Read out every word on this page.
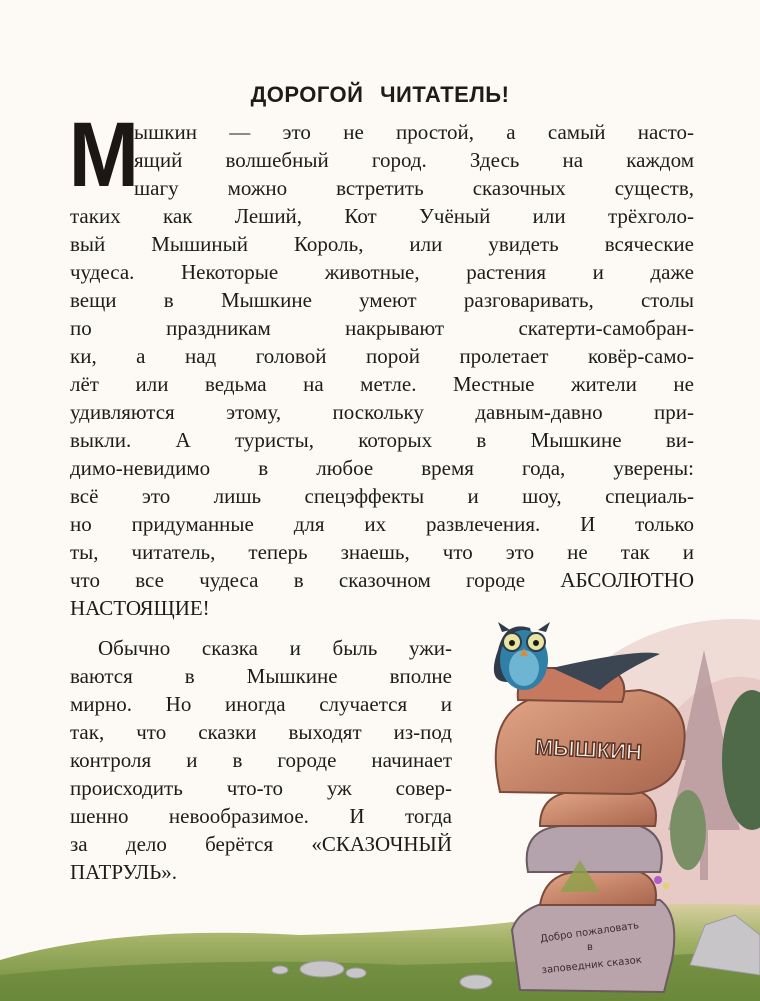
МЫШКИН
Добро пожаловать
в
заповедник сказок
ДОРОГОЙ ЧИТАТЕЛЬ!
М
ышкин — это не простой, а самый насто-
ящий волшебный город. Здесь на каждом
шагу можно встретить сказочных существ,
таких как Леший, Кот Учёный или трёхголо-
вый Мышиный Король, или увидеть всяческие
чудеса. Некоторые животные, растения и даже
вещи в Мышкине умеют разговаривать, столы
по праздникам накрывают скатерти-самобран-
ки, а над головой порой пролетает ковёр-само-
лёт или ведьма на метле. Местные жители не
удивляются этому, поскольку давным-давно при-
выкли. А туристы, которых в Мышкине ви-
димо-невидимо в любое время года, уверены:
всё это лишь спецэффекты и шоу, специаль-
но придуманные для их развлечения. И только
ты, читатель, теперь знаешь, что это не так и
что все чудеса в сказочном городе АБСОЛЮТНО
НАСТОЯЩИЕ!
Обычно сказка и быль ужи-
ваются в Мышкине вполне
мирно. Но иногда случается и
так, что сказки выходят из-под
контроля и в городе начинает
происходить что-то уж совер-
шенно невообразимое. И тогда
за дело берётся «СКАЗОЧНЫЙ
ПАТРУЛЬ».
